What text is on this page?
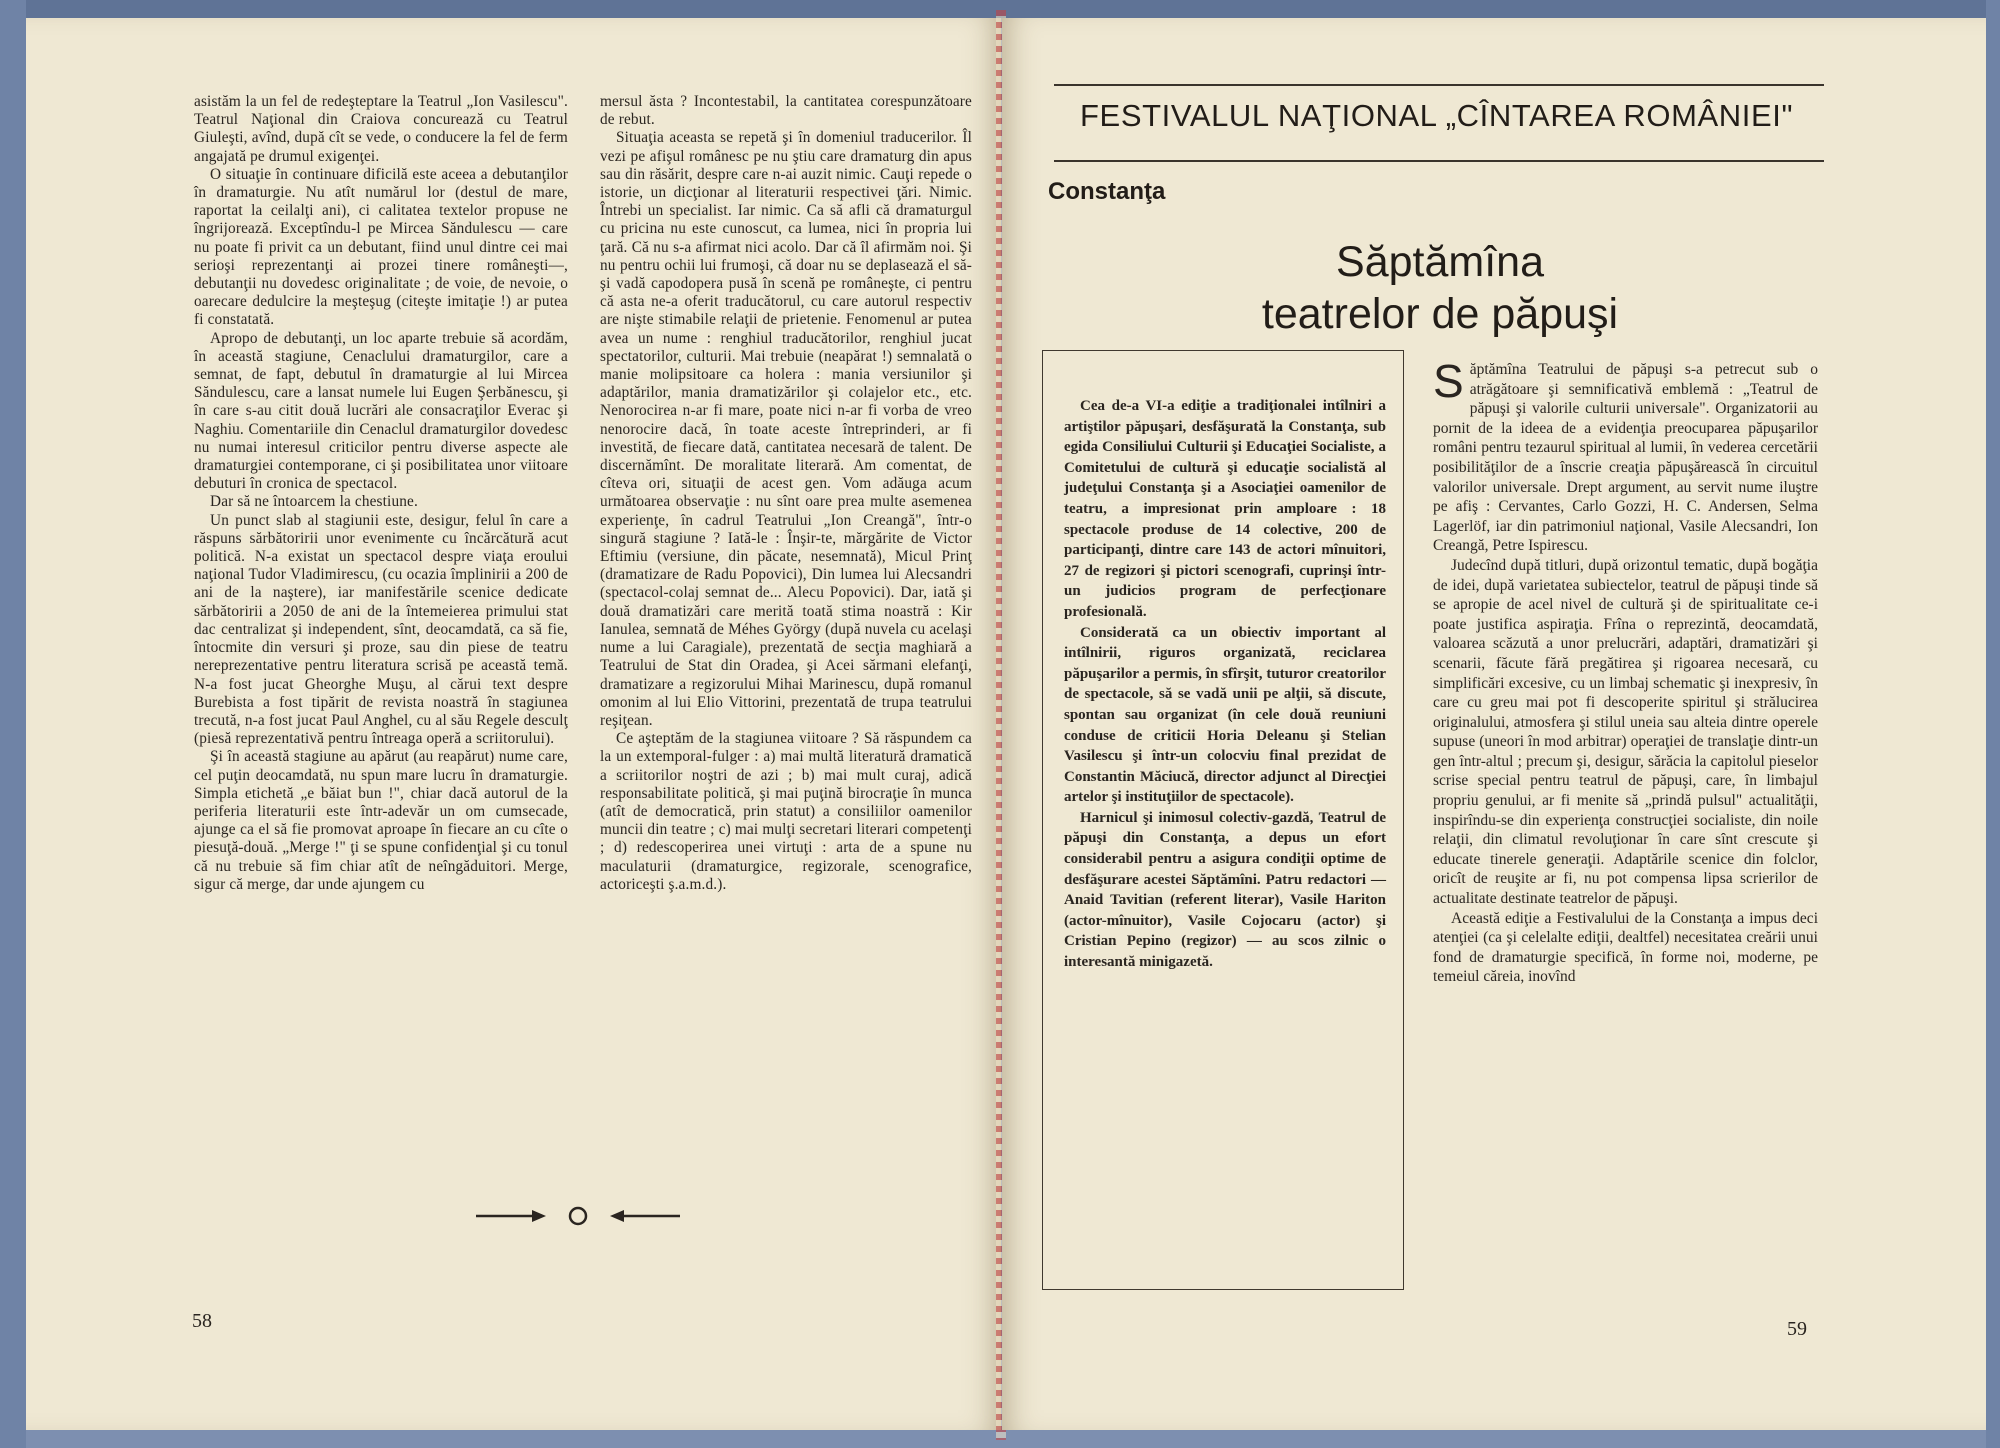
asistăm la un fel de redeşteptare la Teatrul „Ion Vasilescu". Teatrul Naţional din Craiova concurează cu Teatrul Giuleşti, avînd, după cît se vede, o conducere la fel de ferm angajată pe drumul exigenţei.

O situaţie în continuare dificilă este aceea a debutanţilor în dramaturgie. Nu atît numărul lor (destul de mare, raportat la ceilalţi ani), ci calitatea textelor propuse ne îngrijorează. Exceptîndu-l pe Mircea Săndulescu — care nu poate fi privit ca un debutant, fiind unul dintre cei mai serioşi reprezentanţi ai prozei tinere româneşti—, debutanţii nu dovedesc originalitate ; de voie, de nevoie, o oarecare dedulcire la meşteşug (citeşte imitaţie !) ar putea fi constatată.

Apropo de debutanţi, un loc aparte trebuie să acordăm, în această stagiune, Cenaclului dramaturgilor, care a semnat, de fapt, debutul în dramaturgie al lui Mircea Săndulescu, care a lansat numele lui Eugen Şerbănescu, şi în care s-au citit două lucrări ale consacraţilor Everac şi Naghiu. Comentariile din Cenaclul dramaturgilor dovedesc nu numai interesul criticilor pentru diverse aspecte ale dramaturgiei contemporane, ci şi posibilitatea unor viitoare debuturi în cronica de spectacol.

Dar să ne întoarcem la chestiune.

Un punct slab al stagiunii este, desigur, felul în care a răspuns sărbătoririi unor evenimente cu încărcătură acut politică. N-a existat un spectacol despre viaţa eroului naţional Tudor Vladimirescu, (cu ocazia împlinirii a 200 de ani de la naştere), iar manifestările scenice dedicate sărbătoririi a 2050 de ani de la întemeierea primului stat dac centralizat şi independent, sînt, deocamdată, ca să fie, întocmite din versuri şi proze, sau din piese de teatru nereprezentative pentru literatura scrisă pe această temă. N-a fost jucat Gheorghe Muşu, al cărui text despre Burebista a fost tipărit de revista noastră în stagiunea trecută, n-a fost jucat Paul Anghel, cu al său Regele desculţ (piesă reprezentativă pentru întreaga operă a scriitorului).

Şi în această stagiune au apărut (au reapărut) nume care, cel puţin deocamdată, nu spun mare lucru în dramaturgie. Simpla etichetă „e băiat bun !", chiar dacă autorul de la periferia literaturii este într-adevăr un om cumsecade, ajunge ca el să fie promovat aproape în fiecare an cu cîte o piesuţă-două. „Merge !" ţi se spune confidenţial şi cu tonul că nu trebuie să fim chiar atît de neîngăduitori. Merge, sigur că merge, dar unde ajungem cu

mersul ăsta ? Incontestabil, la cantitatea corespunzătoare de rebut.

Situaţia aceasta se repetă şi în domeniul traducerilor. Îl vezi pe afişul românesc pe nu ştiu care dramaturg din apus sau din răsărit, despre care n-ai auzit nimic. Cauţi repede o istorie, un dicţionar al literaturii respectivei ţări. Nimic. Întrebi un specialist. Iar nimic. Ca să afli că dramaturgul cu pricina nu este cunoscut, ca lumea, nici în propria lui ţară. Că nu s-a afirmat nici acolo. Dar că îl afirmăm noi. Şi nu pentru ochii lui frumoşi, că doar nu se deplasează el să-şi vadă capodopera pusă în scenă pe româneşte, ci pentru că asta ne-a oferit traducătorul, cu care autorul respectiv are nişte stimabile relaţii de prietenie. Fenomenul ar putea avea un nume : renghiul traducătorilor, renghiul jucat spectatorilor, culturii. Mai trebuie (neapărat !) semnalată o manie molipsitoare ca holera : mania versiunilor şi adaptărilor, mania dramatizărilor şi colajelor etc., etc. Nenorocirea n-ar fi mare, poate nici n-ar fi vorba de vreo nenorocire dacă, în toate aceste întreprinderi, ar fi investită, de fiecare dată, cantitatea necesară de talent. De discernămînt. De moralitate literară. Am comentat, de cîteva ori, situaţii de acest gen. Vom adăuga acum următoarea observaţie : nu sînt oare prea multe asemenea experienţe, în cadrul Teatrului „Ion Creangă", într-o singură stagiune ? Iată-le : Înşir-te, mărgărite de Victor Eftimiu (versiune, din păcate, nesemnată), Micul Prinţ (dramatizare de Radu Popovici), Din lumea lui Alecsandri (spectacol-colaj semnat de... Alecu Popovici). Dar, iată şi două dramatizări care merită toată stima noastră : Kir Ianulea, semnată de Méhes György (după nuvela cu acelaşi nume a lui Caragiale), prezentată de secţia maghiară a Teatrului de Stat din Oradea, şi Acei sărmani elefanţi, dramatizare a regizorului Mihai Marinescu, după romanul omonim al lui Elio Vittorini, prezentată de trupa teatrului reşiţean.

Ce aşteptăm de la stagiunea viitoare ? Să răspundem ca la un extemporal-fulger : a) mai multă literatură dramatică a scriitorilor noştri de azi ; b) mai mult curaj, adică responsabilitate politică, şi mai puţină birocraţie în munca (atît de democratică, prin statut) a consiliilor oamenilor muncii din teatre ; c) mai mulţi secretari literari competenţi ; d) redescoperirea unei virtuţi : arta de a spune nu maculaturii (dramaturgice, regizorale, scenografice, actoriceşti ş.a.m.d.).

58
FESTIVALUL NAŢIONAL „CÎNTAREA ROMÂNIEI"
Constanţa
Săptămîna
teatrelor de păpuşi

Cea de-a VI-a ediţie a tradiţionalei intîlniri a artiştilor păpuşari, desfăşurată la Constanţa, sub egida Consiliului Culturii şi Educaţiei Socialiste, a Comitetului de cultură şi educaţie socialistă al judeţului Constanţa şi a Asociaţiei oamenilor de teatru, a impresionat prin amploare : 18 spectacole produse de 14 colective, 200 de participanţi, dintre care 143 de actori mînuitori, 27 de regizori şi pictori scenografi, cuprinşi într-un judicios program de perfecţionare profesională.

Considerată ca un obiectiv important al intîlnirii, riguros organizată, reciclarea păpuşarilor a permis, în sfîrşit, tuturor creatorilor de spectacole, să se vadă unii pe alţii, să discute, spontan sau organizat (în cele două reuniuni conduse de criticii Horia Deleanu şi Stelian Vasilescu şi într-un colocviu final prezidat de Constantin Măciucă, director adjunct al Direcţiei artelor şi instituţiilor de spectacole).

Harnicul şi inimosul colectiv-gazdă, Teatrul de păpuşi din Constanţa, a depus un efort considerabil pentru a asigura condiţii optime de desfăşurare acestei Săptămîni. Patru redactori — Anaid Tavitian (referent literar), Vasile Hariton (actor-mînuitor), Vasile Cojocaru (actor) şi Cristian Pepino (regizor) — au scos zilnic o interesantă minigazetă.

Săptămîna Teatrului de păpuşi s-a petrecut sub o atrăgătoare şi semnificativă emblemă : „Teatrul de păpuşi şi valorile culturii universale". Organizatorii au pornit de la ideea de a evidenţia preocuparea păpuşarilor români pentru tezaurul spiritual al lumii, în vederea cercetării posibilităţilor de a înscrie creaţia păpuşărească în circuitul valorilor universale. Drept argument, au servit nume iluştre pe afiş : Cervantes, Carlo Gozzi, H. C. Andersen, Selma Lagerlöf, iar din patrimoniul naţional, Vasile Alecsandri, Ion Creangă, Petre Ispirescu.

Judecînd după titluri, după orizontul tematic, după bogăţia de idei, după varietatea subiectelor, teatrul de păpuşi tinde să se apropie de acel nivel de cultură şi de spiritualitate ce-i poate justifica aspiraţia. Frîna o reprezintă, deocamdată, valoarea scăzută a unor prelucrări, adaptări, dramatizări şi scenarii, făcute fără pregătirea şi rigoarea necesară, cu simplificări excesive, cu un limbaj schematic şi inexpresiv, în care cu greu mai pot fi descoperite spiritul şi strălucirea originalului, atmosfera şi stilul uneia sau alteia dintre operele supuse (uneori în mod arbitrar) operaţiei de translaţie dintr-un gen într-altul ; precum şi, desigur, sărăcia la capitolul pieselor scrise special pentru teatrul de păpuşi, care, în limbajul propriu genului, ar fi menite să „prindă pulsul" actualităţii, inspirîndu-se din experienţa construcţiei socialiste, din noile relaţii, din climatul revoluţionar în care sînt crescute şi educate tinerele generaţii. Adaptările scenice din folclor, oricît de reuşite ar fi, nu pot compensa lipsa scrierilor de actualitate destinate teatrelor de păpuşi.

Această ediţie a Festivalului de la Constanţa a impus deci atenţiei (ca şi celelalte ediţii, dealtfel) necesitatea creării unui fond de dramaturgie specifică, în forme noi, moderne, pe temeiul căreia, inovînd

59
